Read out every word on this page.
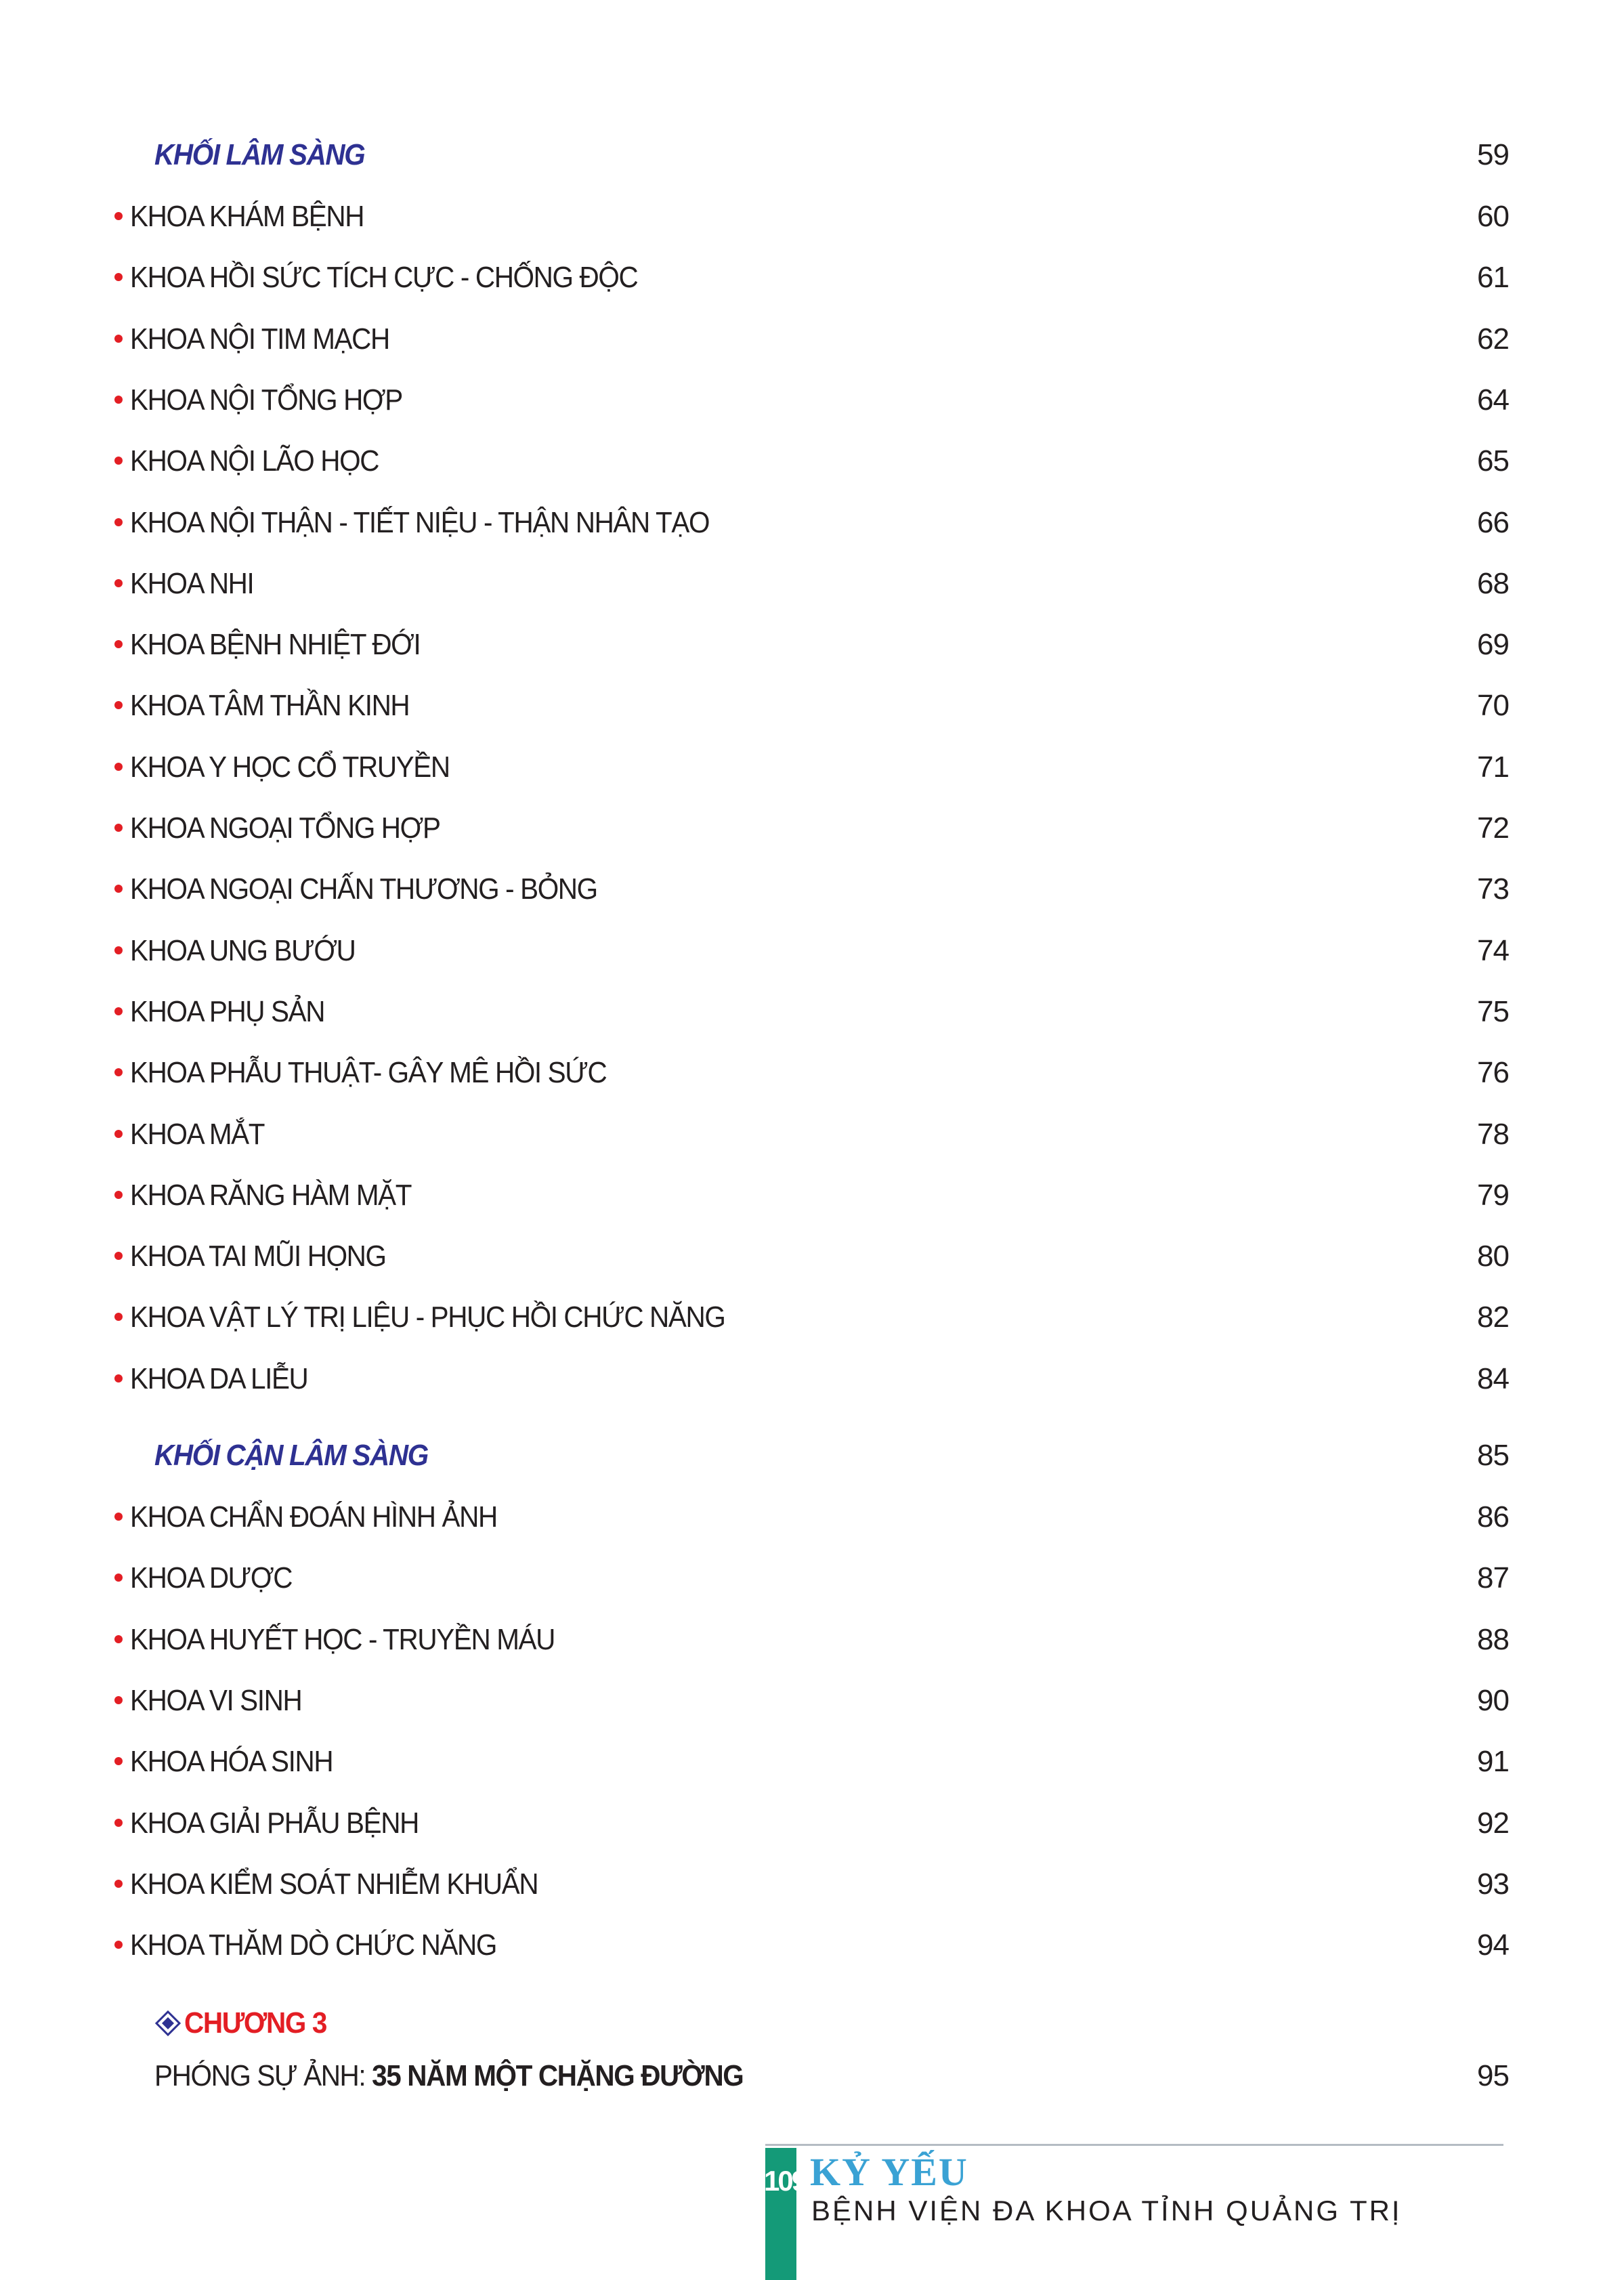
KHỐI LÂM SÀNG	59
KHOA KHÁM BỆNH	60
KHOA HỒI SỨC TÍCH CỰC - CHỐNG ĐỘC	61
KHOA NỘI TIM MẠCH	62
KHOA NỘI TỔNG HỢP	64
KHOA NỘI LÃO HỌC	65
KHOA NỘI THẬN - TIẾT NIỆU - THẬN NHÂN TẠO	66
KHOA NHI	68
KHOA BỆNH NHIỆT ĐỚI	69
KHOA TÂM THẦN KINH	70
KHOA Y HỌC CỔ TRUYỀN	71
KHOA NGOẠI TỔNG HỢP	72
KHOA NGOẠI CHẤN THƯƠNG - BỎNG	73
KHOA UNG BƯỚU	74
KHOA PHỤ SẢN	75
KHOA PHẪU THUẬT- GÂY MÊ HỒI SỨC	76
KHOA MẮT	78
KHOA RĂNG HÀM MẶT	79
KHOA TAI MŨI HỌNG	80
KHOA VẬT LÝ TRỊ LIỆU - PHỤC HỒI CHỨC NĂNG	82
KHOA DA LIỄU	84
KHỐI CẬN LÂM SÀNG	85
KHOA CHẨN ĐOÁN HÌNH ẢNH	86
KHOA DƯỢC	87
KHOA HUYẾT HỌC - TRUYỀN MÁU	88
KHOA VI SINH	90
KHOA HÓA SINH	91
KHOA GIẢI PHẪU BỆNH	92
KHOA KIỂM SOÁT NHIỄM KHUẨN	93
KHOA THĂM DÒ CHỨC NĂNG	94
CHƯƠNG 3
PHÓNG SỰ ẢNH: 35 NĂM MỘT CHẶNG ĐƯỜNG	95
109 KỶ YẾU
BỆNH VIỆN ĐA KHOA TỈNH QUẢNG TRỊ
